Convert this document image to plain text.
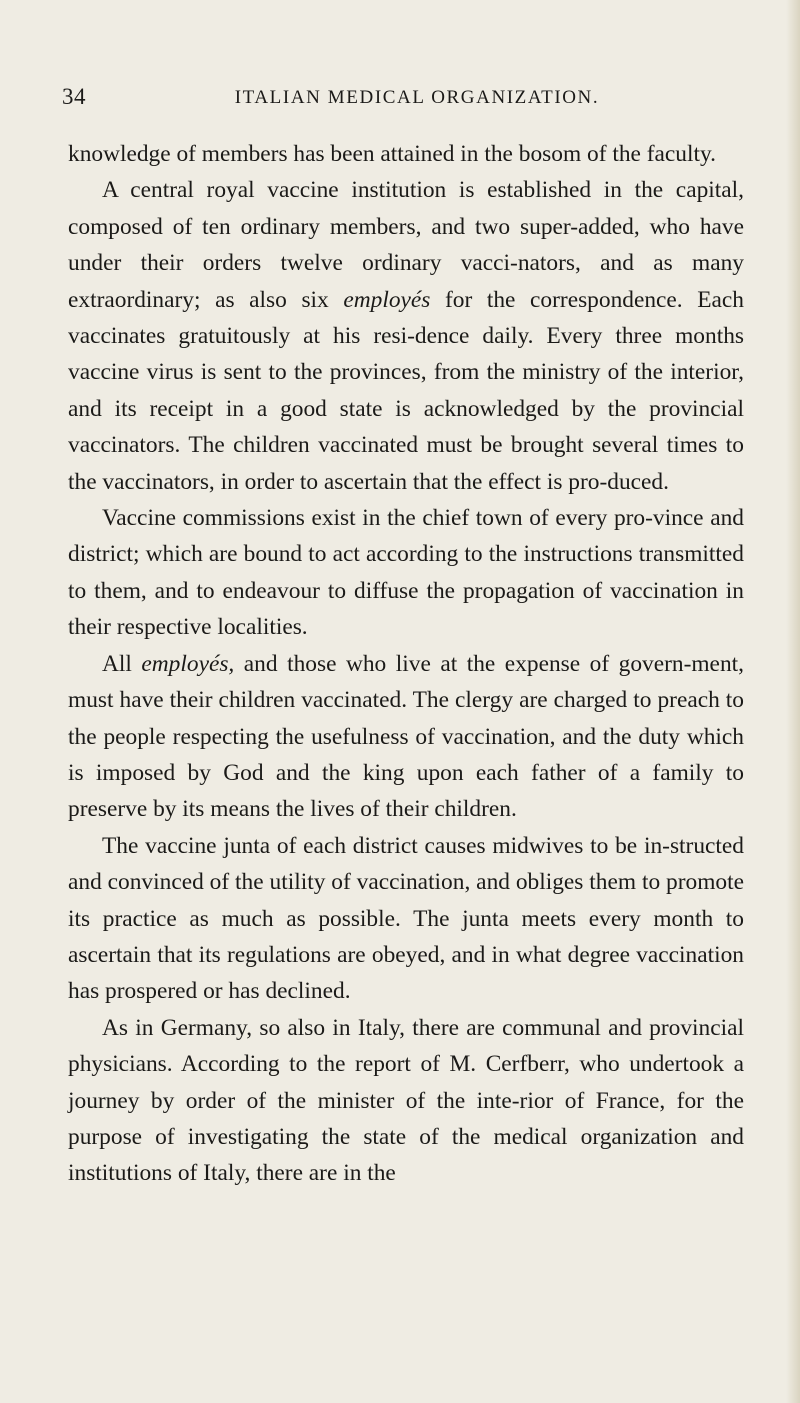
34	ITALIAN MEDICAL ORGANIZATION.

knowledge of members has been attained in the bosom of the faculty.

A central royal vaccine institution is established in the capital, composed of ten ordinary members, and two super-added, who have under their orders twelve ordinary vacci-nators, and as many extraordinary; as also six employés for the correspondence. Each vaccinates gratuitously at his resi-dence daily. Every three months vaccine virus is sent to the provinces, from the ministry of the interior, and its receipt in a good state is acknowledged by the provincial vaccinators. The children vaccinated must be brought several times to the vaccinators, in order to ascertain that the effect is pro-duced.

Vaccine commissions exist in the chief town of every pro-vince and district; which are bound to act according to the instructions transmitted to them, and to endeavour to diffuse the propagation of vaccination in their respective localities.

All employés, and those who live at the expense of govern-ment, must have their children vaccinated. The clergy are charged to preach to the people respecting the usefulness of vaccination, and the duty which is imposed by God and the king upon each father of a family to preserve by its means the lives of their children.

The vaccine junta of each district causes midwives to be in-structed and convinced of the utility of vaccination, and obliges them to promote its practice as much as possible. The junta meets every month to ascertain that its regulations are obeyed, and in what degree vaccination has prospered or has declined.

As in Germany, so also in Italy, there are communal and provincial physicians. According to the report of M. Cerfberr, who undertook a journey by order of the minister of the inte-rior of France, for the purpose of investigating the state of the medical organization and institutions of Italy, there are in the
